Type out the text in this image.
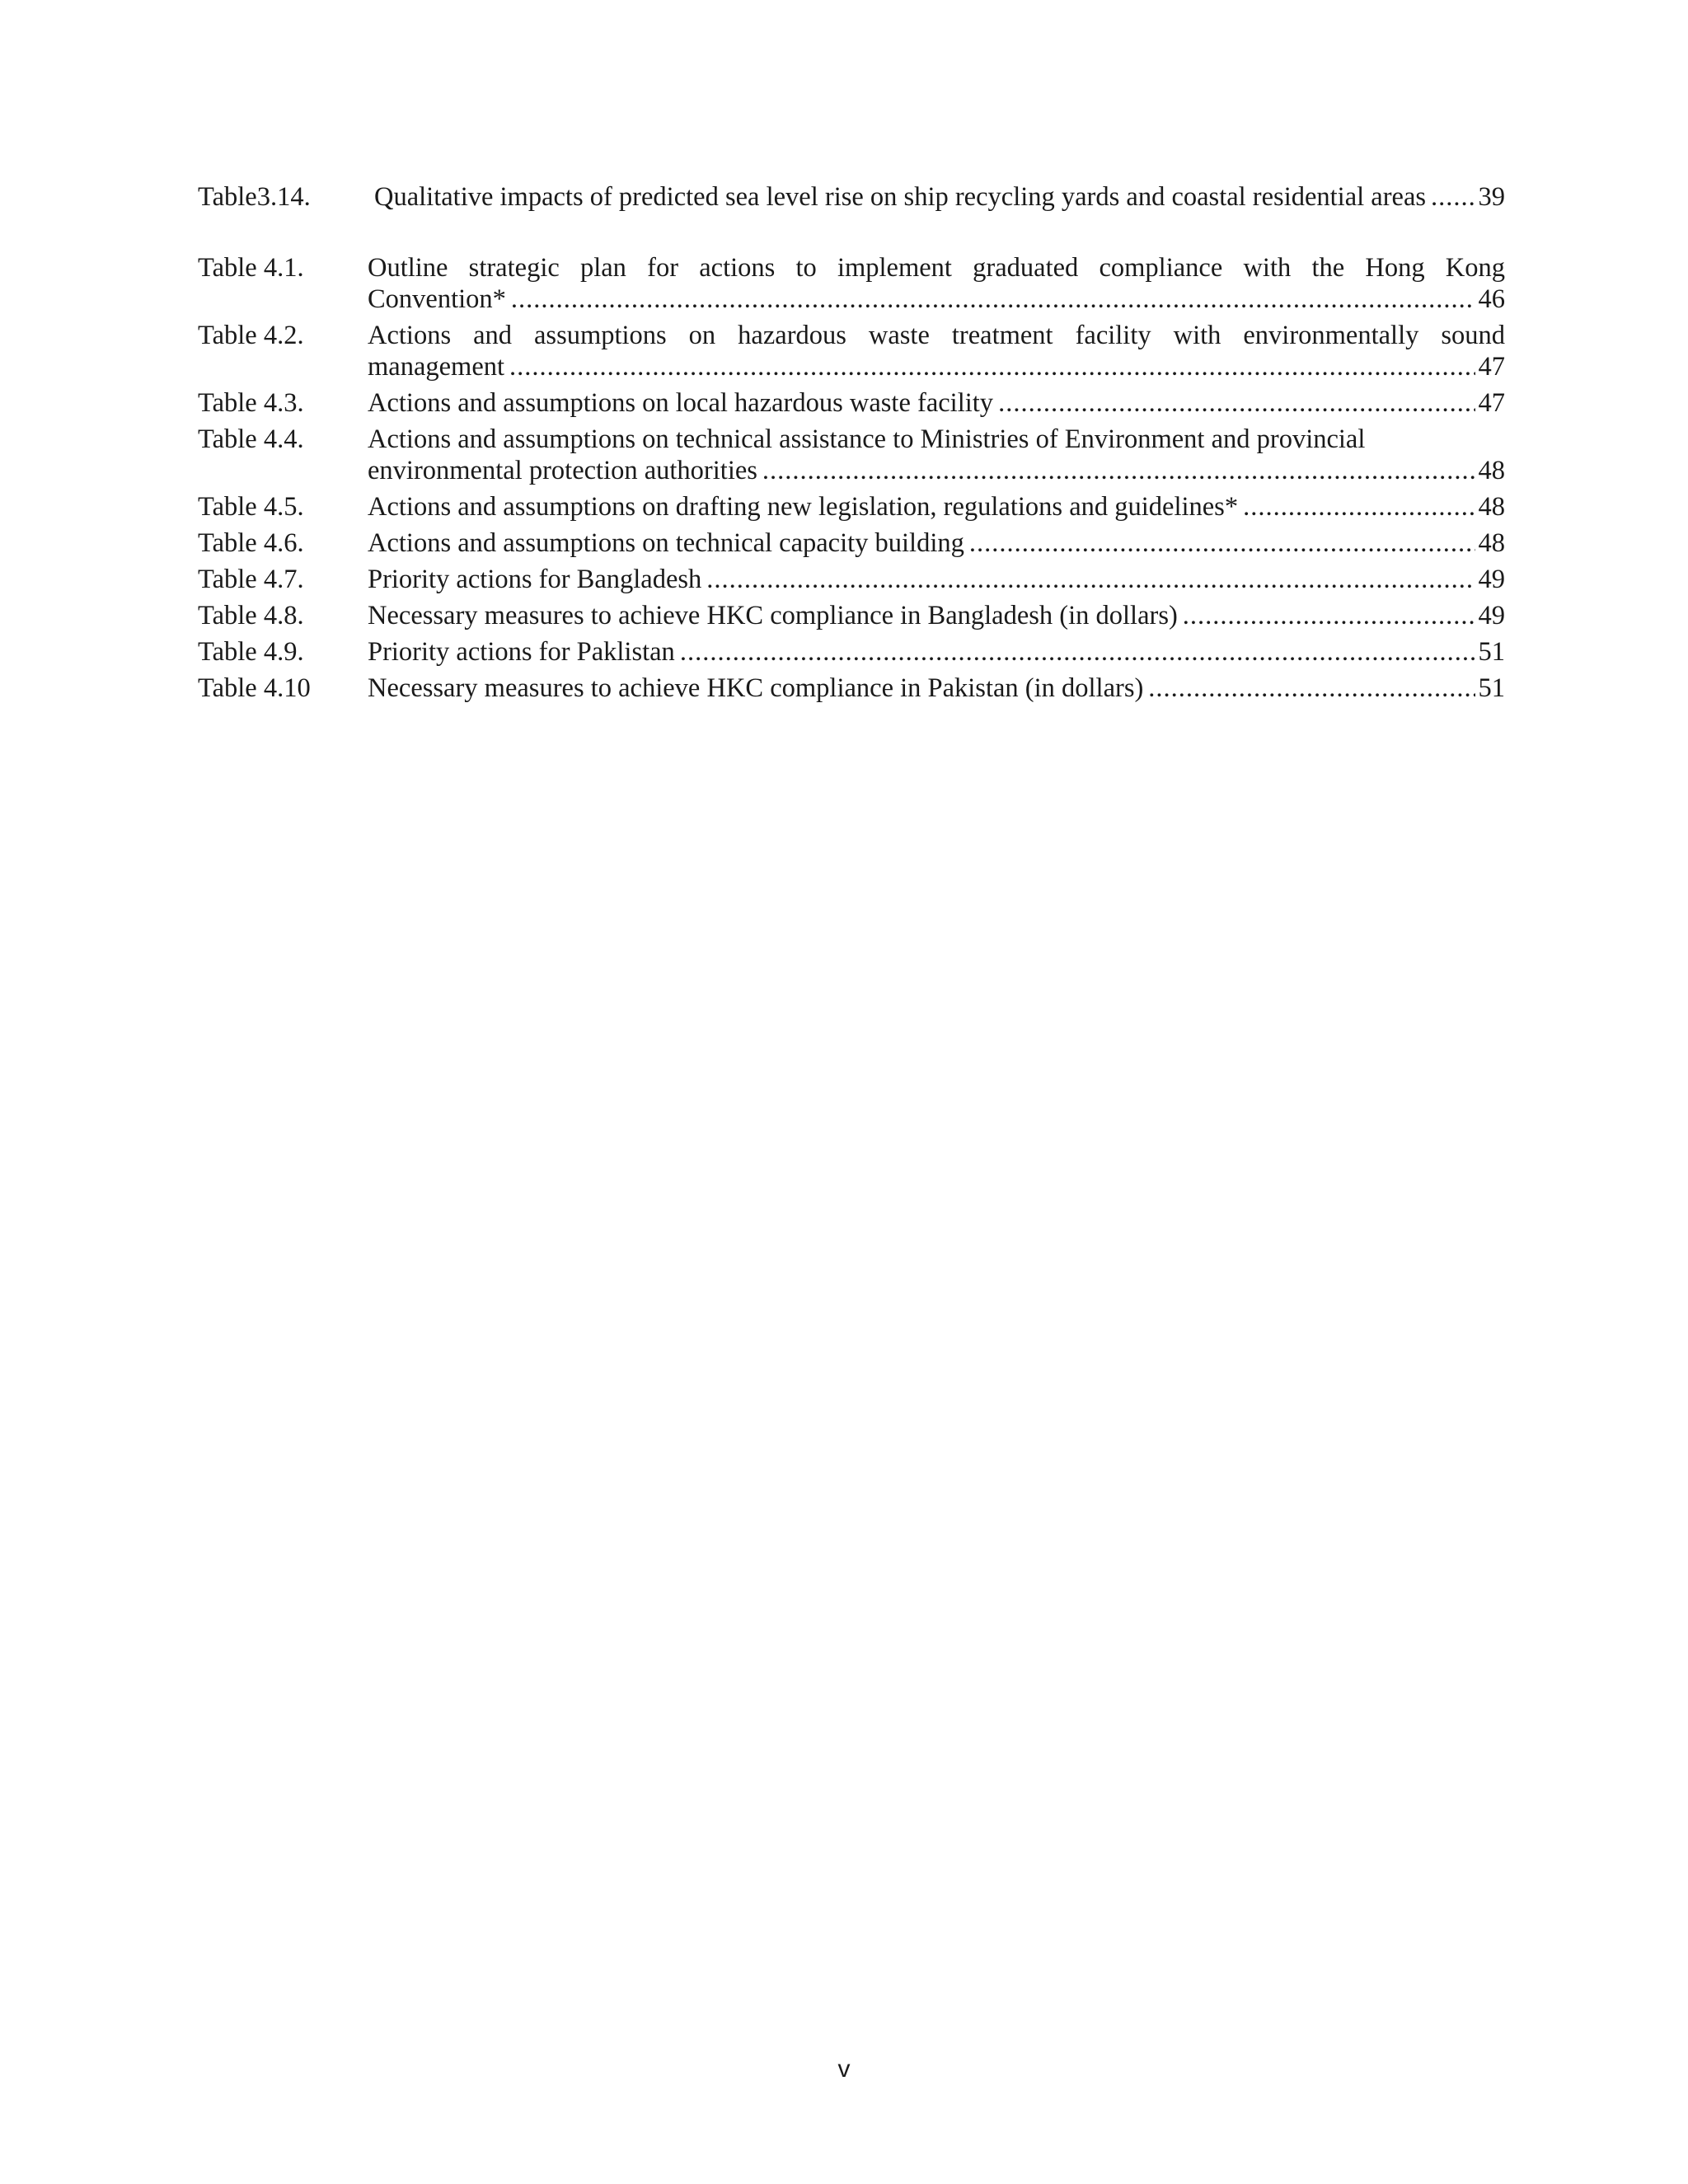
Table3.14. Qualitative impacts of predicted sea level rise on ship recycling yards and coastal residential areas ..... 39
Table 4.1. Outline strategic plan for actions to implement graduated compliance with the Hong Kong
Convention* .....	46
Table 4.2. Actions and assumptions on hazardous waste treatment facility with environmentally sound
management .....	47
Table 4.3. Actions and assumptions on local hazardous waste facility .....	47
Table 4.4. Actions and assumptions on technical assistance to Ministries of Environment and provincial
environmental protection authorities .....	48
Table 4.5. Actions and assumptions on drafting new legislation, regulations and guidelines* .....	48
Table 4.6. Actions and assumptions on technical capacity building .....	48
Table 4.7. Priority actions for Bangladesh .....	49
Table 4.8. Necessary measures to achieve HKC compliance in Bangladesh (in dollars) .....	49
Table 4.9. Priority actions for Paklistan .....	51
Table 4.10 Necessary measures to achieve HKC compliance in Pakistan (in dollars) .....	51
v
